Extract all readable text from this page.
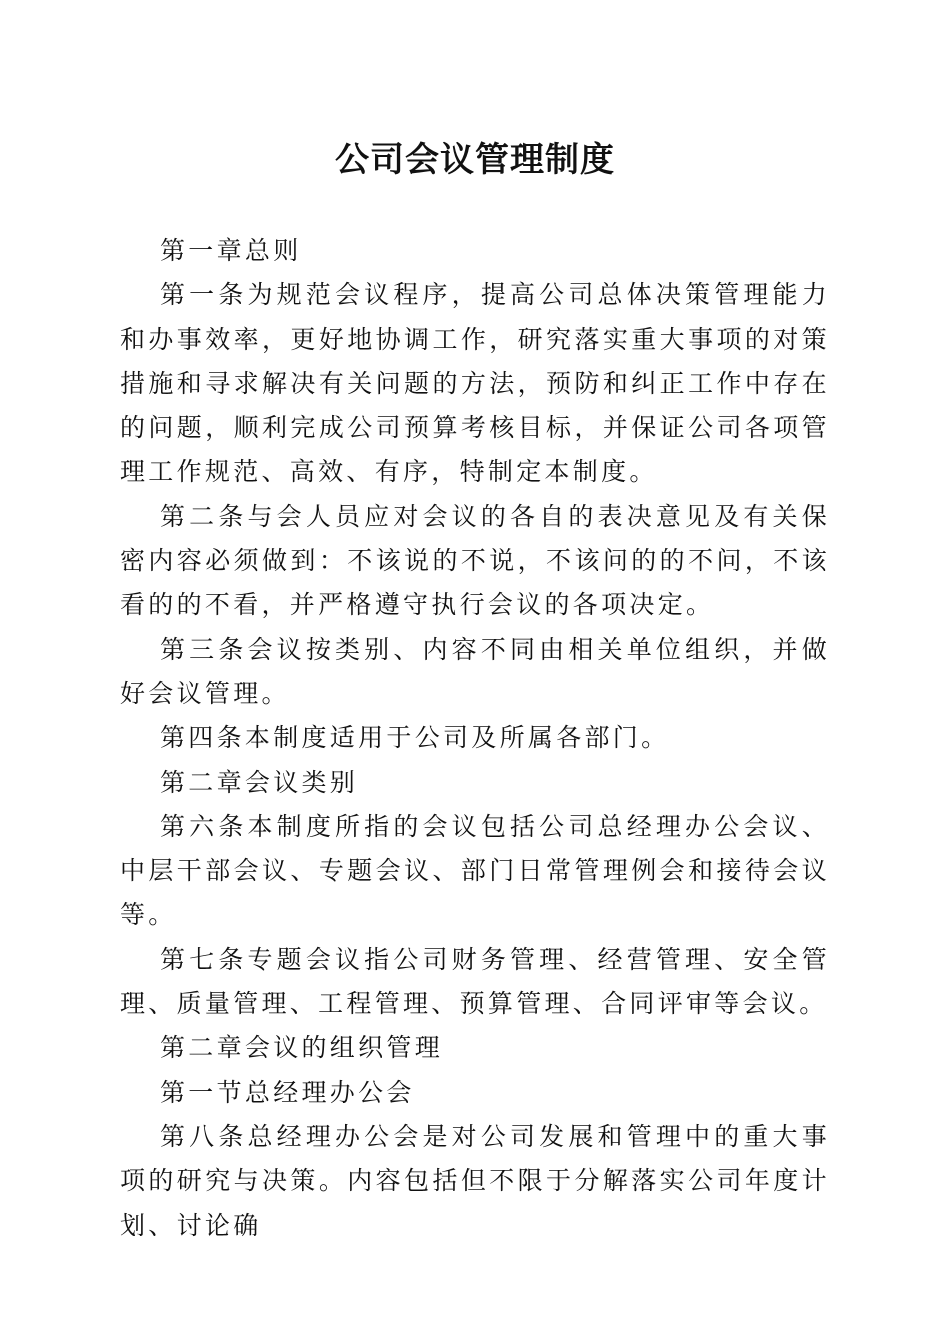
公司会议管理制度

第一章总则

第一条为规范会议程序，提高公司总体决策管理能力和办事效率，更好地协调工作，研究落实重大事项的对策措施和寻求解决有关问题的方法，预防和纠正工作中存在的问题，顺利完成公司预算考核目标，并保证公司各项管理工作规范、高效、有序，特制定本制度。

第二条与会人员应对会议的各自的表决意见及有关保密内容必须做到：不该说的不说，不该问的的不问，不该看的的不看，并严格遵守执行会议的各项决定。

第三条会议按类别、内容不同由相关单位组织，并做好会议管理。

第四条本制度适用于公司及所属各部门。

第二章会议类别

第六条本制度所指的会议包括公司总经理办公会议、中层干部会议、专题会议、部门日常管理例会和接待会议等。

第七条专题会议指公司财务管理、经营管理、安全管理、质量管理、工程管理、预算管理、合同评审等会议。

第二章会议的组织管理

第一节总经理办公会

第八条总经理办公会是对公司发展和管理中的重大事项的研究与决策。内容包括但不限于分解落实公司年度计划、讨论确
